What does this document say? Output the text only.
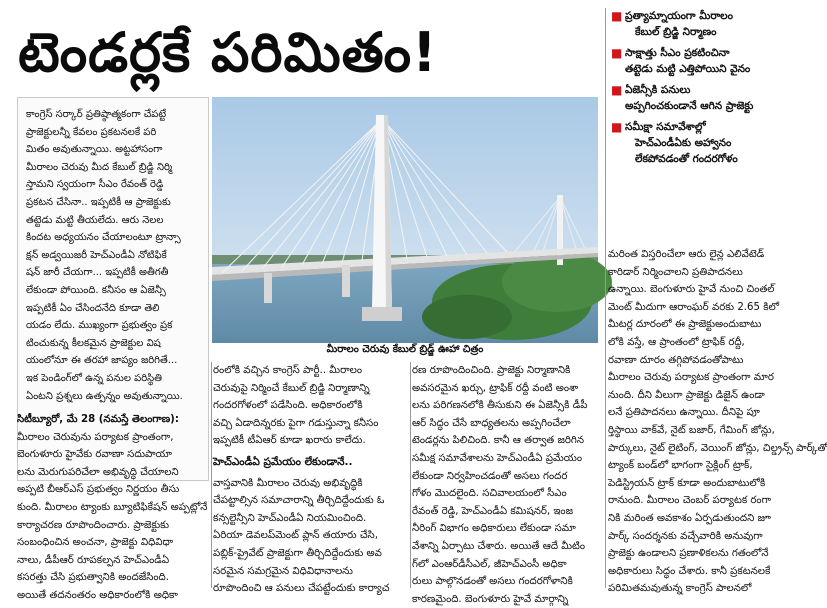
టెండర్లకే పరిమితం!
■ ప్రత్యామ్నాయంగా మీరాలం
కేబుల్ బ్రిడ్జి నిర్మాణం
■ సాక్షాత్తు సీఎం ప్రకటించినా
తట్టెడు మట్టి ఎత్తిపోయిని వైనం
■ ఏజెన్సీకి పనులు
అప్పగించకుండానే ఆగిన ప్రాజెక్టు
■ సమీక్షా సమావేశాల్లో
హెచ్ఎండీఏకు అహ్వానం
లేకపోవడంతో గందరగోళం
కాంగ్రెస్ సర్కార్ ప్రతిష్ఠాత్మకంగా చేపట్టే
ప్రాజెక్టులన్నీ కేవలం ప్రకటనలకే పరి
మితం అవుతున్నాయి. అట్టహాసంగా
మీరాలం చెరువు మీద కేబుల్ బ్రిడ్జి నిర్మి
స్తామని స్వయంగా సీఎం రేవంత్ రెడ్డి
ప్రకటన చేసినా.. ఇప్పటికీ ఆ ప్రాజెక్టుకు
తట్టెడు మట్టి తీయలేదు. ఆరు నెలల
కిందట అధ్యయనం చేయాలంటూ ట్రాన్సా
క్షన్ అడ్వయిజరీ హెచ్ఎండీఏ నోటిఫికే
షన్ జారీ చేయగా... ఇప్పటికీ అతీగతీ
లేకుండా పోయింది. కనీసం ఆ ఏజెన్సీ
ఇప్పటికీ ఏం చేసిందనేది కూడా తెలి
యడం లేదు. ముఖ్యంగా ప్రభుత్వం ప్రక
టించుకున్న కీలకమైన ప్రాజెక్టుల విష
యంలోనూ ఈ తరహా జాప్యం జరిగితే...
ఇక పెండింగ్‌లో ఉన్న పనుల పరిస్థితి
ఏంటని ప్రశ్నలు ఉత్పన్నం అవుతున్నాయి.
మీరాలం చెరువు కేబుల్ బ్రిడ్జ్ ఊహా చిత్రం
సిటీబ్యూరో, మే 28 (నమస్తే తెలంగాణ):
మీరాలం చెరువును పర్యాటక ప్రాంతంగా,
బెంగుళూరు హైవేకు రవాణా సదుపాయా
లను మెరుగుపరిచేలా అభివృద్ధి చేయాలని
అప్పటి బీఆర్ఎస్ ప్రభుత్వం నిర్ణయం తీసు
కుంది. మీరాలం ట్యాంకు బ్యూటిఫికేషన్ అప్పట్లోనే
కార్యాచరణ రూపొందించారు. ప్రాజెక్టుకు
సంబంధించిన అంచనా, ప్రాజెక్టు విధివిధా
నాలు, డీపీఆర్ రూపకల్పన హెచ్ఎండీఏ
కసరత్తు చేసి ప్రభుత్వానికి అందజేసింది.
అయితే తదనంతరం అధికారంలోకి అధికా
రంలోకి వచ్చిన కాంగ్రెస్ పార్టీ.. మీరాలం
చెరువుపై నిర్మించే కేబుల్ బ్రిడ్జి నిర్మాణాన్ని
గందరగోళంలో పడేసింది. అధికారంలోకి
వచ్చి ఏడాదిన్నరకు పైగా గడుస్తున్నా కనీసం
ఇప్పటికీ టీఏఆర్ కూడా ఖరారు కాలేదు.
హెచ్ఎండీఏ ప్రమేయం లేకుండానే..
వాస్తవానికి మీరాలం చెరువు అభివృద్ధికి
చేపట్టాల్సిన సమాచారాన్ని తీర్చిదిద్దేందుకు ఓ
కన్సల్టెన్సీని హెచ్ఎండీఏ నియమించింది.
ఏరియా డెవలప్‌మెంట్ ప్లాన్ తయారు చేసి,
పబ్లిక్-ప్రైవేట్ ప్రాజెక్టుగా తీర్చిదిద్దేందుకు అవ
సరమైన సమగ్రమైన విధివిధానాలను
రూపొందించి ఆ పనులు చేపట్టేందుకు కార్యాచ
రణ రూపొందించింది. ప్రాజెక్టు నిర్మాణానికి
అవసరమైన ఖర్చు, ట్రాఫిక్ రద్దీ వంటి అంశా
లను పరిగణనలోకి తీసుకుని ఈ ఏజెన్సీకి డీపీ
ఆర్ సిద్ధం చేసే బాధ్యతలను అప్పగించేలా
టెండర్లను పిలిచింది. కానీ ఆ తర్వాత జరిగిన
సమీక్ష సమావేశాలను హెచ్ఎండీఏ ప్రమేయం
లేకుండా నిర్వహించడంతో అసలు గందర
గోళం మొదలైంది. సచివాలయంలో సీఎం
రేవంత్ రెడ్డి, హెచ్ఎండీఏ కమిషనర్, ఇంజ
నీరింగ్ విభాగం అధికారులు లేకుండా సమా
వేశాన్ని ఏర్పాటు చేశారు. అయితే ఆదే మీటిం
గ్‌లో ఎంఆర్‌డీసీఎల్, జీహెచ్ఎంసీ అధికా
రులు పాల్గొనడంతో అసలు గందరగోళానికి
కారణమైంది. బెంగుళూరు హైవే మార్గాన్ని
మరింత విస్తరించేలా ఆరు లైన్ల ఎలివేటెడ్
కారిడార్ నిర్మించాలని ప్రతిపాదనలు
ఉన్నాయి. బెంగుళూరు హైవే నుంచి చింతల్
మెంట్ మీదుగా ఆరాంఘర్ వరకు 2.65 కిలో
మీటర్ల దూరంలో ఈ ప్రాజెక్టుఅందుబాటు
లోకి వస్తే, ఆ ప్రాంతంలో ట్రాఫిక్ రద్దీ,
రవాణా దూరం తగ్గిపోవడంతోపాటు
మీరాలం చెరువు పర్యాటక ప్రాంతంగా మార
నుంది. దీని వీలుగా ప్రాజెక్టు డిజైన్ ఉండా
లనే ప్రతిపాదనలు ఉన్నాయి. దీనిపై పూ
ర్తిస్థాయి వాక్‌వే, నైట్ బజార్, గేమింగ్ జోన్లు,
పార్కులు, నైట్ లైటింగ్, వెయింగ్ జోన్లు, చిల్డ్రన్స్ పార్క్‌తో
ట్యాంక్ బండ్‌లో భాగంగా సైక్లింగ్ ట్రాక్,
పెడిస్ట్రియన్ ట్రాక్ కూడా అందుబాటులోకి
రానుంది. మీరాలం చెంబర్ పర్యాటక రంగా
నికి మరింత అవకాశం ఏర్పడుతుందని జూ
పార్క్ సందర్శనకు వచ్చేవారికి అనువుగా
ప్రాజెక్టు ఉండాలని ప్రణాళికలను గతంలోనే
అధికారులు సిద్ధం చేశారు. కానీ ప్రకటనలకే
పరిమితమవుతున్న కాంగ్రెస్ పాలనలో
